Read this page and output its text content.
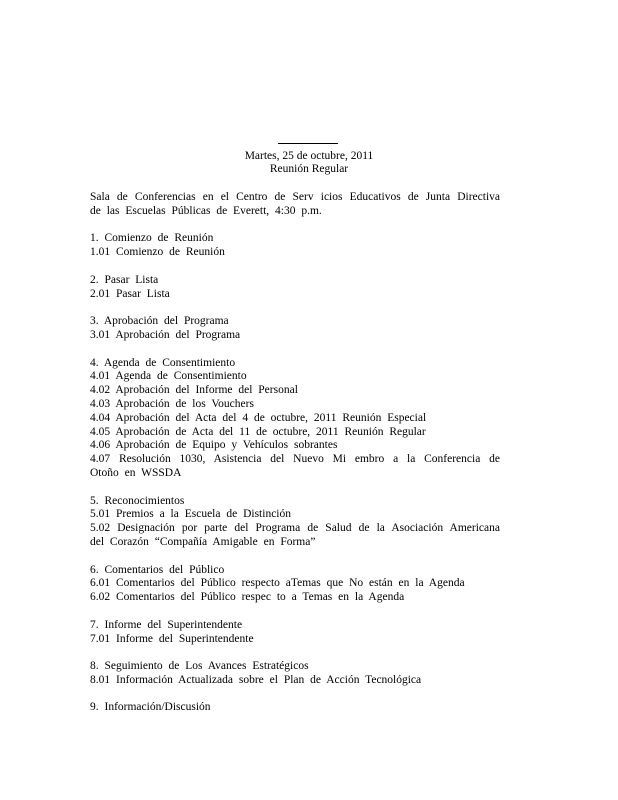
Martes, 25 de octubre, 2011
Reunión Regular

Sala de Conferencias en el Centro de Serv icios Educativos de Junta Directiva de las Escuelas Públicas de Everett, 4:30 p.m.

1. Comienzo de Reunión
1.01 Comienzo de Reunión
2. Pasar Lista
2.01 Pasar Lista
3. Aprobación del Programa
3.01 Aprobación del Programa
4. Agenda de Consentimiento
4.01 Agenda de Consentimiento
4.02 Aprobación del Informe del Personal
4.03 Aprobación de los Vouchers
4.04 Aprobación del Acta del 4 de octubre, 2011 Reunión Especial
4.05 Aprobación de Acta del 11 de octubre, 2011 Reunión Regular
4.06 Aprobación de Equipo y Vehículos sobrantes
4.07 Resolución 1030, Asistencia del Nuevo Mi embro a la Conferencia de Otoño en WSSDA
5. Reconocimientos
5.01 Premios a la Escuela de Distinción
5.02 Designación por parte del Programa de Salud de la Asociación Americana del Corazón “Compañía Amigable en Forma”
6. Comentarios del Público
6.01 Comentarios del Público respecto aTemas que No están en la Agenda
6.02 Comentarios del Público respec to a Temas en la Agenda
7. Informe del Superintendente
7.01 Informe del Superintendente
8. Seguimiento de Los Avances Estratégicos
8.01 Información Actualizada sobre el Plan de Acción Tecnológica
9. Información/Discusión
